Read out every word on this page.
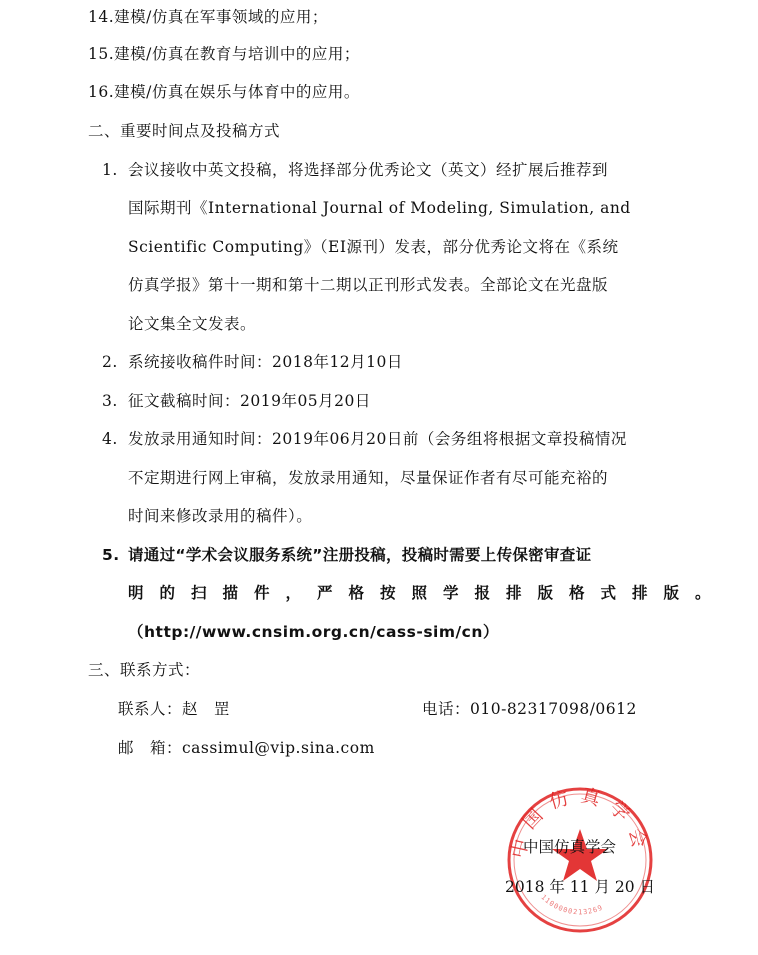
14.建模/仿真在军事领域的应用；
15.建模/仿真在教育与培训中的应用；
16.建模/仿真在娱乐与体育中的应用。
二、重要时间点及投稿方式
1. 会议接收中英文投稿，将选择部分优秀论文（英文）经扩展后推荐到
国际期刊《International Journal of Modeling, Simulation, and
Scientific Computing》（EI源刊）发表，部分优秀论文将在《系统
仿真学报》第十一期和第十二期以正刊形式发表。全部论文在光盘版
论文集全文发表。
2. 系统接收稿件时间：2018年12月10日
3. 征文截稿时间：2019年05月20日
4. 发放录用通知时间：2019年06月20日前（会务组将根据文章投稿情况
不定期进行网上审稿，发放录用通知，尽量保证作者有尽可能充裕的
时间来修改录用的稿件）。
5. 请通过“学术会议服务系统”注册投稿，投稿时需要上传保密审查证
明的扫描件，严格按照学报排版格式排版。
（http://www.cnsim.org.cn/cass-sim/cn）
三、联系方式：
联系人：赵　罡	电话：010-82317098/0612
邮　箱：cassimul@vip.sina.com
中国仿真学会
1100000213269
中国仿真学会
2018 年 11 月 20 日
